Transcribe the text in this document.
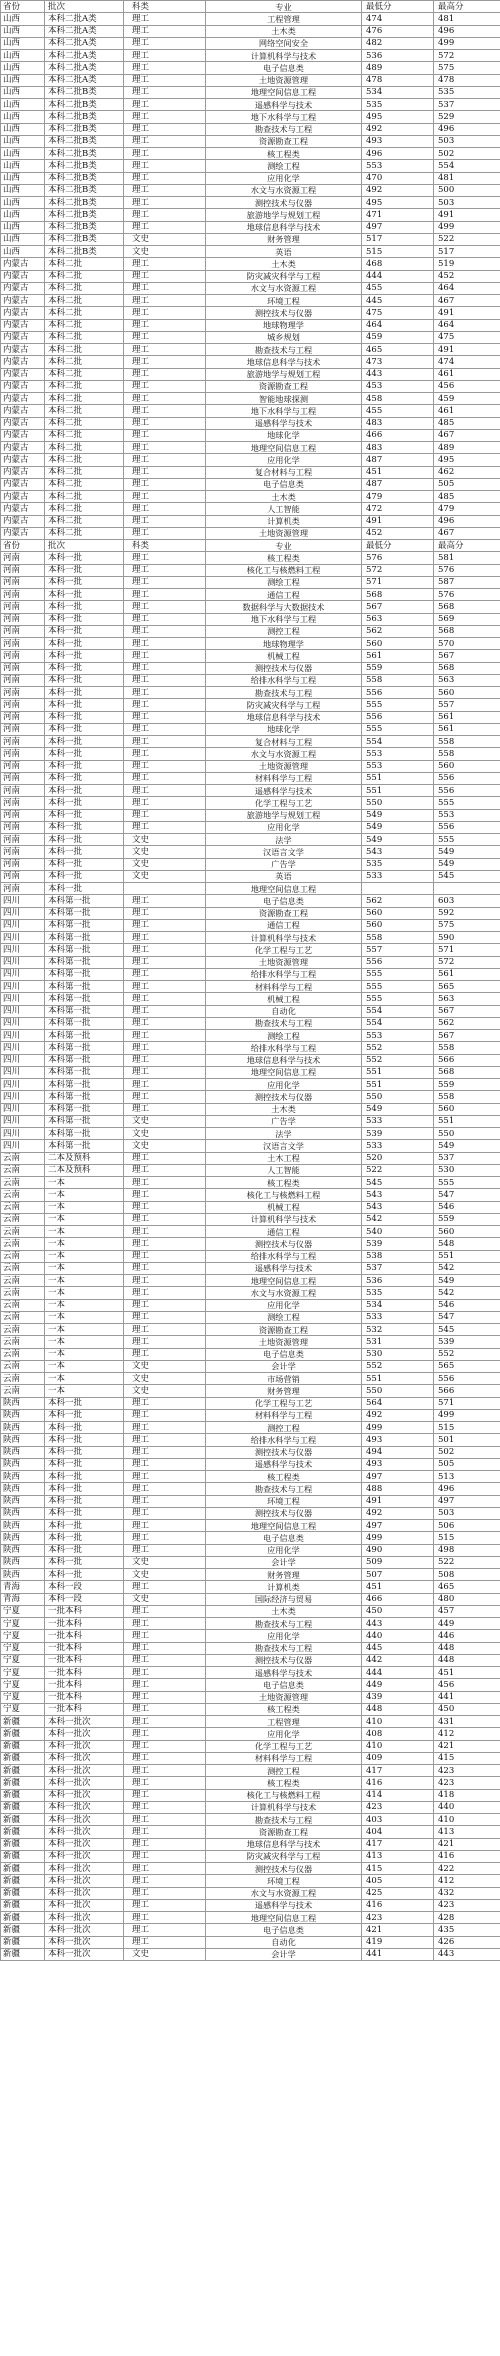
省份	批次	科类	专业	最低分	最高分
山西	本科二批A类	理工	工程管理	474	481
山西	本科二批A类	理工	土木类	476	496
山西	本科二批A类	理工	网络空间安全	482	499
山西	本科二批A类	理工	计算机科学与技术	536	572
山西	本科二批A类	理工	电子信息类	489	575
山西	本科二批A类	理工	土地资源管理	478	478
山西	本科二批B类	理工	地理空间信息工程	534	535
山西	本科二批B类	理工	遥感科学与技术	535	537
山西	本科二批B类	理工	地下水科学与工程	495	529
山西	本科二批B类	理工	勘查技术与工程	492	496
山西	本科二批B类	理工	资源勘查工程	493	503
山西	本科二批B类	理工	核工程类	496	502
山西	本科二批B类	理工	测绘工程	553	554
山西	本科二批B类	理工	应用化学	470	481
山西	本科二批B类	理工	水文与水资源工程	492	500
山西	本科二批B类	理工	测控技术与仪器	495	503
山西	本科二批B类	理工	旅游地学与规划工程	471	491
山西	本科二批B类	理工	地球信息科学与技术	497	499
山西	本科二批B类	文史	财务管理	517	522
山西	本科二批B类	文史	英语	515	517
内蒙古	本科二批	理工	土木类	468	519
内蒙古	本科二批	理工	防灾减灾科学与工程	444	452
内蒙古	本科二批	理工	水文与水资源工程	455	464
内蒙古	本科二批	理工	环境工程	445	467
内蒙古	本科二批	理工	测控技术与仪器	475	491
内蒙古	本科二批	理工	地球物理学	464	464
内蒙古	本科二批	理工	城乡规划	459	475
内蒙古	本科二批	理工	勘查技术与工程	465	491
内蒙古	本科二批	理工	地球信息科学与技术	473	474
内蒙古	本科二批	理工	旅游地学与规划工程	443	461
内蒙古	本科二批	理工	资源勘查工程	453	456
内蒙古	本科二批	理工	智能地球探测	458	459
内蒙古	本科二批	理工	地下水科学与工程	455	461
内蒙古	本科二批	理工	遥感科学与技术	483	485
内蒙古	本科二批	理工	地球化学	466	467
内蒙古	本科二批	理工	地理空间信息工程	483	489
内蒙古	本科二批	理工	应用化学	487	495
内蒙古	本科二批	理工	复合材料与工程	451	462
内蒙古	本科二批	理工	电子信息类	487	505
内蒙古	本科二批	理工	土木类	479	485
内蒙古	本科二批	理工	人工智能	472	479
内蒙古	本科二批	理工	计算机类	491	496
内蒙古	本科二批	理工	土地资源管理	452	467
省份	批次	科类	专业	最低分	最高分
河南	本科一批	理工	核工程类	576	581
河南	本科一批	理工	核化工与核燃料工程	572	576
河南	本科一批	理工	测绘工程	571	587
河南	本科一批	理工	通信工程	568	576
河南	本科一批	理工	数据科学与大数据技术	567	568
河南	本科一批	理工	地下水科学与工程	563	569
河南	本科一批	理工	测控工程	562	568
河南	本科一批	理工	地球物理学	560	570
河南	本科一批	理工	机械工程	561	567
河南	本科一批	理工	测控技术与仪器	559	568
河南	本科一批	理工	给排水科学与工程	558	563
河南	本科一批	理工	勘查技术与工程	556	560
河南	本科一批	理工	防灾减灾科学与工程	555	557
河南	本科一批	理工	地球信息科学与技术	556	561
河南	本科一批	理工	地球化学	555	561
河南	本科一批	理工	复合材料与工程	554	558
河南	本科一批	理工	水文与水资源工程	553	558
河南	本科一批	理工	土地资源管理	553	560
河南	本科一批	理工	材料科学与工程	551	556
河南	本科一批	理工	遥感科学与技术	551	556
河南	本科一批	理工	化学工程与工艺	550	555
河南	本科一批	理工	旅游地学与规划工程	549	553
河南	本科一批	理工	应用化学	549	556
河南	本科一批	文史	法学	549	555
河南	本科一批	文史	汉语言文学	543	549
河南	本科一批	文史	广告学	535	549
河南	本科一批	文史	英语	533	545
河南	本科一批		地理空间信息工程		
四川	本科第一批	理工	电子信息类	562	603
四川	本科第一批	理工	资源勘查工程	560	592
四川	本科第一批	理工	通信工程	560	575
四川	本科第一批	理工	计算机科学与技术	558	590
四川	本科第一批	理工	化学工程与工艺	557	571
四川	本科第一批	理工	土地资源管理	556	572
四川	本科第一批	理工	给排水科学与工程	555	561
四川	本科第一批	理工	材料科学与工程	555	565
四川	本科第一批	理工	机械工程	555	563
四川	本科第一批	理工	自动化	554	567
四川	本科第一批	理工	勘查技术与工程	554	562
四川	本科第一批	理工	测绘工程	553	567
四川	本科第一批	理工	给排水科学与工程	552	558
四川	本科第一批	理工	地球信息科学与技术	552	566
四川	本科第一批	理工	地理空间信息工程	551	568
四川	本科第一批	理工	应用化学	551	559
四川	本科第一批	理工	测控技术与仪器	550	558
四川	本科第一批	理工	土木类	549	560
四川	本科第一批	文史	广告学	533	551
四川	本科第一批	文史	法学	539	550
四川	本科第一批	文史	汉语言文学	533	549
云南	二本及预科	理工	土木工程	520	537
云南	二本及预科	理工	人工智能	522	530
云南	一本	理工	核工程类	545	555
云南	一本	理工	核化工与核燃料工程	543	547
云南	一本	理工	机械工程	543	546
云南	一本	理工	计算机科学与技术	542	559
云南	一本	理工	通信工程	540	560
云南	一本	理工	测控技术与仪器	539	548
云南	一本	理工	给排水科学与工程	538	551
云南	一本	理工	遥感科学与技术	537	542
云南	一本	理工	地理空间信息工程	536	549
云南	一本	理工	水文与水资源工程	535	542
云南	一本	理工	应用化学	534	546
云南	一本	理工	测绘工程	533	547
云南	一本	理工	资源勘查工程	532	545
云南	一本	理工	土地资源管理	531	539
云南	一本	理工	电子信息类	530	552
云南	一本	文史	会计学	552	565
云南	一本	文史	市场营销	551	556
云南	一本	文史	财务管理	550	566
陕西	本科一批	理工	化学工程与工艺	564	571
陕西	本科一批	理工	材料科学与工程	492	499
陕西	本科一批	理工	测控工程	499	515
陕西	本科一批	理工	给排水科学与工程	493	501
陕西	本科一批	理工	测控技术与仪器	494	502
陕西	本科一批	理工	遥感科学与技术	493	505
陕西	本科一批	理工	核工程类	497	513
陕西	本科一批	理工	勘查技术与工程	488	496
陕西	本科一批	理工	环境工程	491	497
陕西	本科一批	理工	测控技术与仪器	492	503
陕西	本科一批	理工	地理空间信息工程	497	506
陕西	本科一批	理工	电子信息类	499	515
陕西	本科一批	理工	应用化学	490	498
陕西	本科一批	文史	会计学	509	522
陕西	本科一批	文史	财务管理	507	508
青海	本科一段	理工	计算机类	451	465
青海	本科一段	文史	国际经济与贸易	466	480
宁夏	一批本科	理工	土木类	450	457
宁夏	一批本科	理工	勘查技术与工程	443	449
宁夏	一批本科	理工	应用化学	440	446
宁夏	一批本科	理工	勘查技术与工程	445	448
宁夏	一批本科	理工	测控技术与仪器	442	448
宁夏	一批本科	理工	遥感科学与技术	444	451
宁夏	一批本科	理工	电子信息类	449	456
宁夏	一批本科	理工	土地资源管理	439	441
宁夏	一批本科	理工	核工程类	448	450
新疆	本科一批次	理工	工程管理	410	431
新疆	本科一批次	理工	应用化学	408	412
新疆	本科一批次	理工	化学工程与工艺	410	421
新疆	本科一批次	理工	材料科学与工程	409	415
新疆	本科一批次	理工	测控工程	417	423
新疆	本科一批次	理工	核工程类	416	423
新疆	本科一批次	理工	核化工与核燃料工程	414	418
新疆	本科一批次	理工	计算机科学与技术	423	440
新疆	本科一批次	理工	勘查技术与工程	403	410
新疆	本科一批次	理工	资源勘查工程	404	413
新疆	本科一批次	理工	地球信息科学与技术	417	421
新疆	本科一批次	理工	防灾减灾科学与工程	413	416
新疆	本科一批次	理工	测控技术与仪器	415	422
新疆	本科一批次	理工	环境工程	405	412
新疆	本科一批次	理工	水文与水资源工程	425	432
新疆	本科一批次	理工	遥感科学与技术	416	423
新疆	本科一批次	理工	地理空间信息工程	423	428
新疆	本科一批次	理工	电子信息类	421	435
新疆	本科一批次	理工	自动化	419	426
新疆	本科一批次	文史	会计学	441	443
